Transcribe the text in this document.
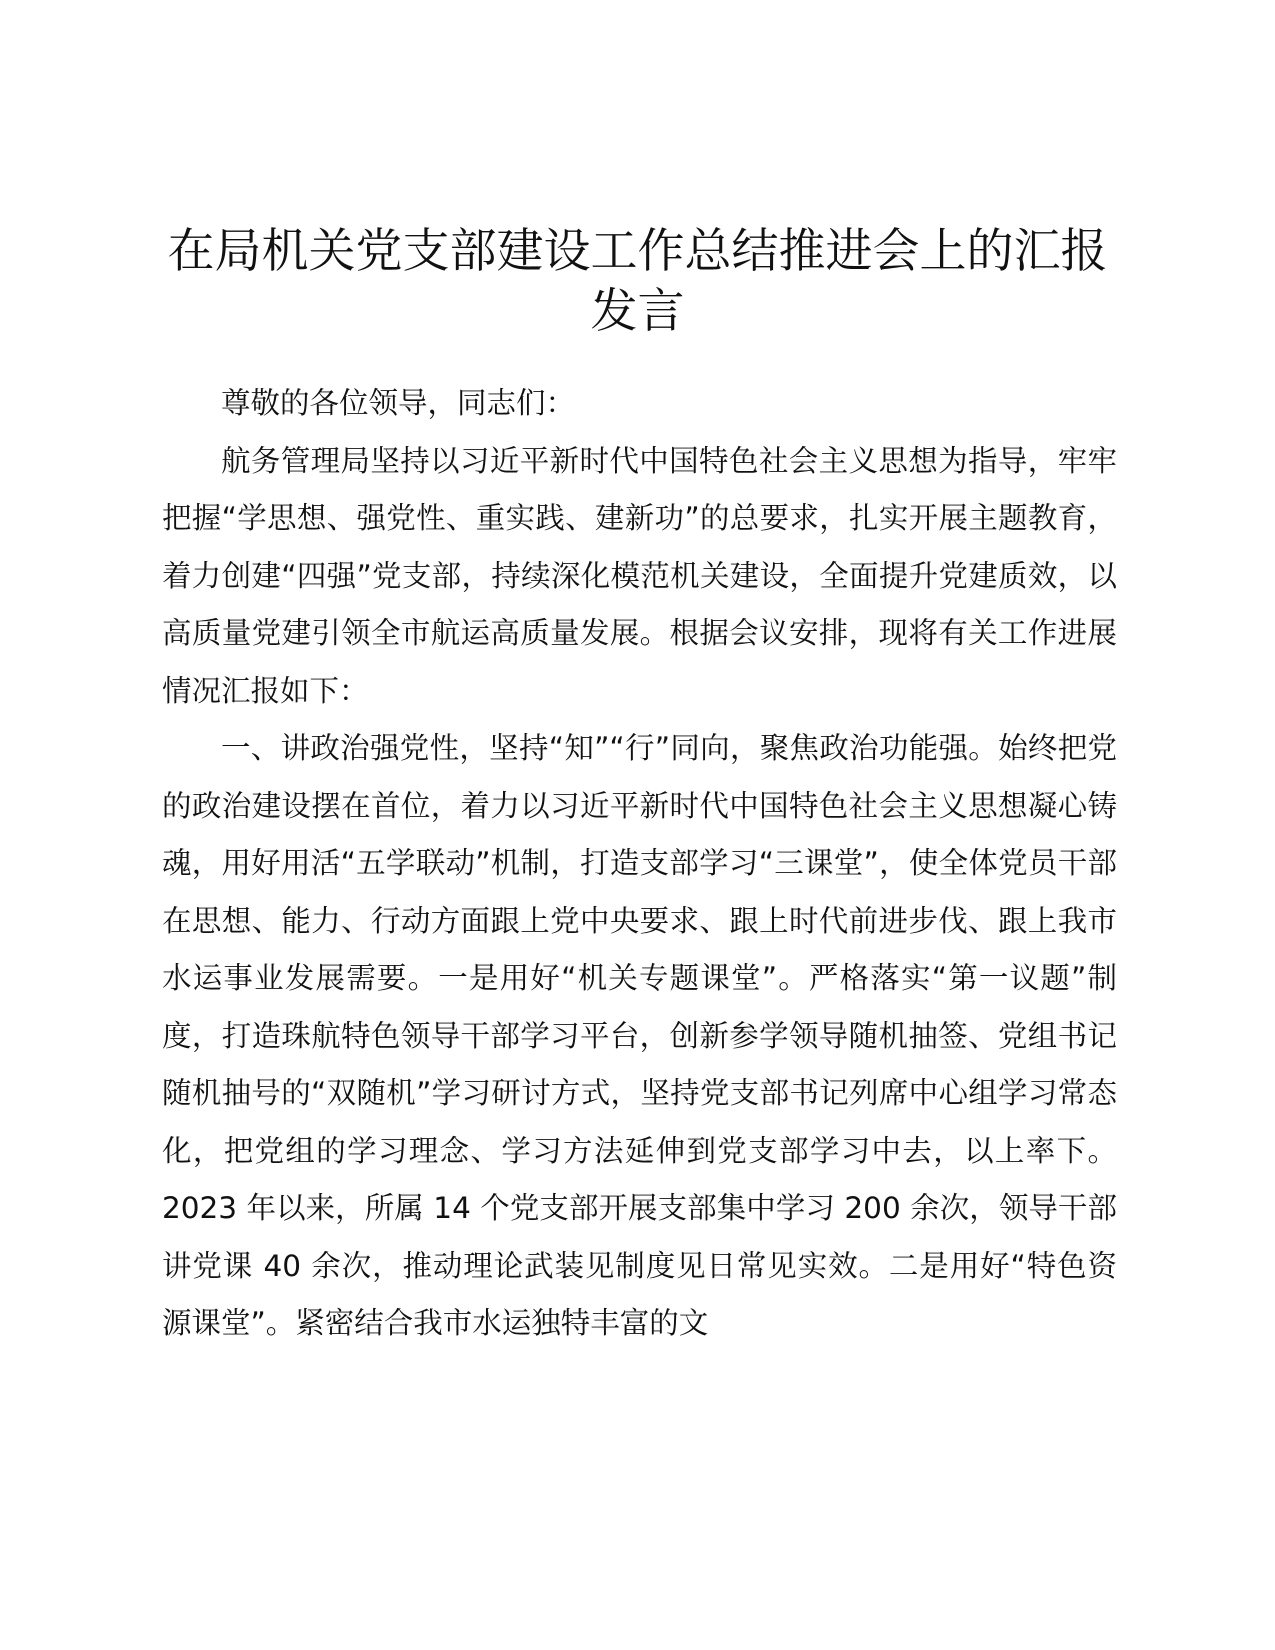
在局机关党支部建设工作总结推进会上的汇报发言

尊敬的各位领导，同志们：

航务管理局坚持以习近平新时代中国特色社会主义思想为指导，牢牢把握“学思想、强党性、重实践、建新功”的总要求，扎实开展主题教育，着力创建“四强”党支部，持续深化模范机关建设，全面提升党建质效，以高质量党建引领全市航运高质量发展。根据会议安排，现将有关工作进展情况汇报如下：

一、讲政治强党性，坚持“知”“行”同向，聚焦政治功能强。始终把党的政治建设摆在首位，着力以习近平新时代中国特色社会主义思想凝心铸魂，用好用活“五学联动”机制，打造支部学习“三课堂”，使全体党员干部在思想、能力、行动方面跟上党中央要求、跟上时代前进步伐、跟上我市水运事业发展需要。一是用好“机关专题课堂”。严格落实“第一议题”制度，打造珠航特色领导干部学习平台，创新参学领导随机抽签、党组书记随机抽号的“双随机”学习研讨方式，坚持党支部书记列席中心组学习常态化，把党组的学习理念、学习方法延伸到党支部学习中去，以上率下。2023 年以来，所属 14 个党支部开展支部集中学习 200 余次，领导干部讲党课 40 余次，推动理论武装见制度见日常见实效。二是用好“特色资源课堂”。紧密结合我市水运独特丰富的文
